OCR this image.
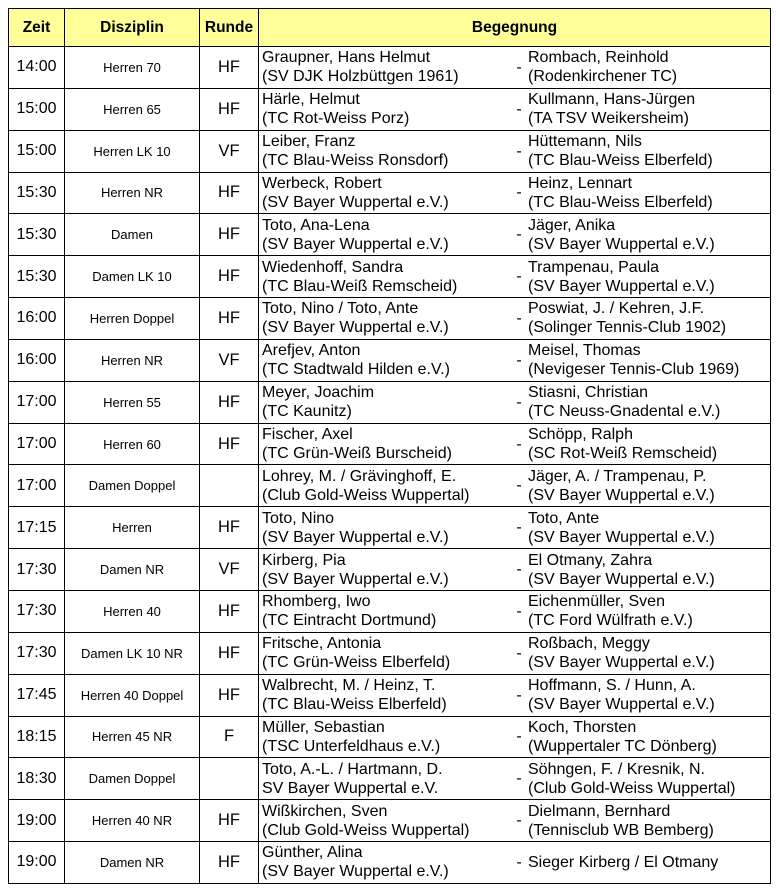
Zeit	Disziplin	Runde	Begegnung
14:00	Herren 70	HF	Graupner, Hans Helmut
(SV DJK Holzbüttgen 1961)
-
Rombach, Reinhold
(Rodenkirchener TC)

15:00	Herren 65	HF	Härle, Helmut
(TC Rot-Weiss Porz)
-
Kullmann, Hans-Jürgen
(TA TSV Weikersheim)

15:00	Herren LK 10	VF	Leiber, Franz
(TC Blau-Weiss Ronsdorf)
-
Hüttemann, Nils
(TC Blau-Weiss Elberfeld)

15:30	Herren NR	HF	Werbeck, Robert
(SV Bayer Wuppertal e.V.)
-
Heinz, Lennart
(TC Blau-Weiss Elberfeld)

15:30	Damen	HF	Toto, Ana-Lena
(SV Bayer Wuppertal e.V.)
-
Jäger, Anika
(SV Bayer Wuppertal e.V.)

15:30	Damen LK 10	HF	Wiedenhoff, Sandra
(TC Blau-Weiß Remscheid)
-
Trampenau, Paula
(SV Bayer Wuppertal e.V.)

16:00	Herren Doppel	HF	Toto, Nino / Toto, Ante
(SV Bayer Wuppertal e.V.)
-
Poswiat, J. / Kehren, J.F.
(Solinger Tennis-Club 1902)

16:00	Herren NR	VF	Arefjev, Anton
(TC Stadtwald Hilden e.V.)
-
Meisel, Thomas
(Nevigeser Tennis-Club 1969)

17:00	Herren 55	HF	Meyer, Joachim
(TC Kaunitz)
-
Stiasni, Christian
(TC Neuss-Gnadental e.V.)

17:00	Herren 60	HF	Fischer, Axel
(TC Grün-Weiß Burscheid)
-
Schöpp, Ralph
(SC Rot-Weiß Remscheid)

17:00	Damen Doppel		Lohrey, M. / Grävinghoff, E.
(Club Gold-Weiss Wuppertal)
-
Jäger, A. / Trampenau, P.
(SV Bayer Wuppertal e.V.)

17:15	Herren	HF	Toto, Nino
(SV Bayer Wuppertal e.V.)
-
Toto, Ante
(SV Bayer Wuppertal e.V.)

17:30	Damen NR	VF	Kirberg, Pia
(SV Bayer Wuppertal e.V.)
-
El Otmany, Zahra
(SV Bayer Wuppertal e.V.)

17:30	Herren 40	HF	Rhomberg, Iwo
(TC Eintracht Dortmund)
-
Eichenmüller, Sven
(TC Ford Wülfrath e.V.)

17:30	Damen LK 10 NR	HF	Fritsche, Antonia
(TC Grün-Weiss Elberfeld)
-
Roßbach, Meggy
(SV Bayer Wuppertal e.V.)

17:45	Herren 40 Doppel	HF	Walbrecht, M. / Heinz, T.
(TC Blau-Weiss Elberfeld)
-
Hoffmann, S. / Hunn, A.
(SV Bayer Wuppertal e.V.)

18:15	Herren 45 NR	F	Müller, Sebastian
(TSC Unterfeldhaus e.V.)
-
Koch, Thorsten
(Wuppertaler TC Dönberg)

18:30	Damen Doppel		Toto, A.-L. / Hartmann, D.
SV Bayer Wuppertal e.V.
-
Söhngen, F. / Kresnik, N.
(Club Gold-Weiss Wuppertal)

19:00	Herren 40 NR	HF	Wißkirchen, Sven
(Club Gold-Weiss Wuppertal)
-
Dielmann, Bernhard
(Tennisclub WB Bemberg)

19:00	Damen NR	HF	Günther, Alina
(SV Bayer Wuppertal e.V.)
- Sieger Kirberg / El Otmany
